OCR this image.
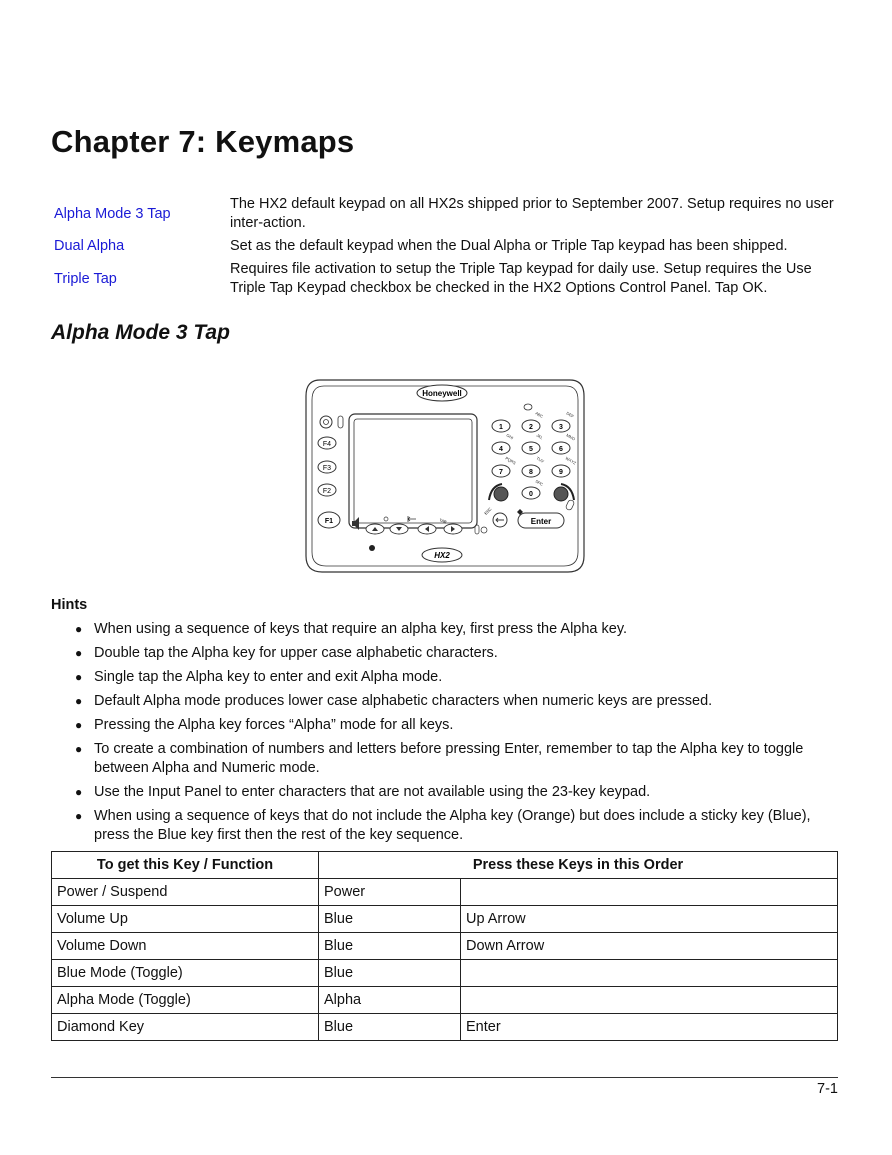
Chapter 7: Keymaps
Alpha Mode 3 Tap	The HX2 default keypad on all HX2s shipped prior to September 2007. Setup requires no user inter-action.
Dual Alpha	Set as the default keypad when the Dual Alpha or Triple Tap keypad has been shipped.
Triple Tap	Requires file activation to setup the Triple Tap keypad for daily use. Setup requires the Use Triple Tap Keypad checkbox be checked in the HX2 Options Control Panel. Tap OK.
Alpha Mode 3 Tap
Honeywell
HX2
F4
F3
F2
F1	TAB
1	2	3
4	5	6
7	8	9
0
ABC	DEF
GHI	JKL	MNO
PQRS	TUV	WXYZ
SPC
ESC
Enter
Hints
● When using a sequence of keys that require an alpha key, first press the Alpha key.
● Double tap the Alpha key for upper case alphabetic characters.
● Single tap the Alpha key to enter and exit Alpha mode.
● Default Alpha mode produces lower case alphabetic characters when numeric keys are pressed.
● Pressing the Alpha key forces “Alpha” mode for all keys.
● To create a combination of numbers and letters before pressing Enter, remember to tap the Alpha key to toggle between Alpha and Numeric mode.
● Use the Input Panel to enter characters that are not available using the 23-key keypad.
● When using a sequence of keys that do not include the Alpha key (Orange) but does include a sticky key (Blue), press the Blue key first then the rest of the key sequence.
To get this Key / Function	Press these Keys in this Order	
Power / Suspend	Power	
Volume Up	Blue	Up Arrow
Volume Down	Blue	Down Arrow
Blue Mode (Toggle)	Blue	
Alpha Mode (Toggle)	Alpha	
Diamond Key	Blue	Enter
7-1
